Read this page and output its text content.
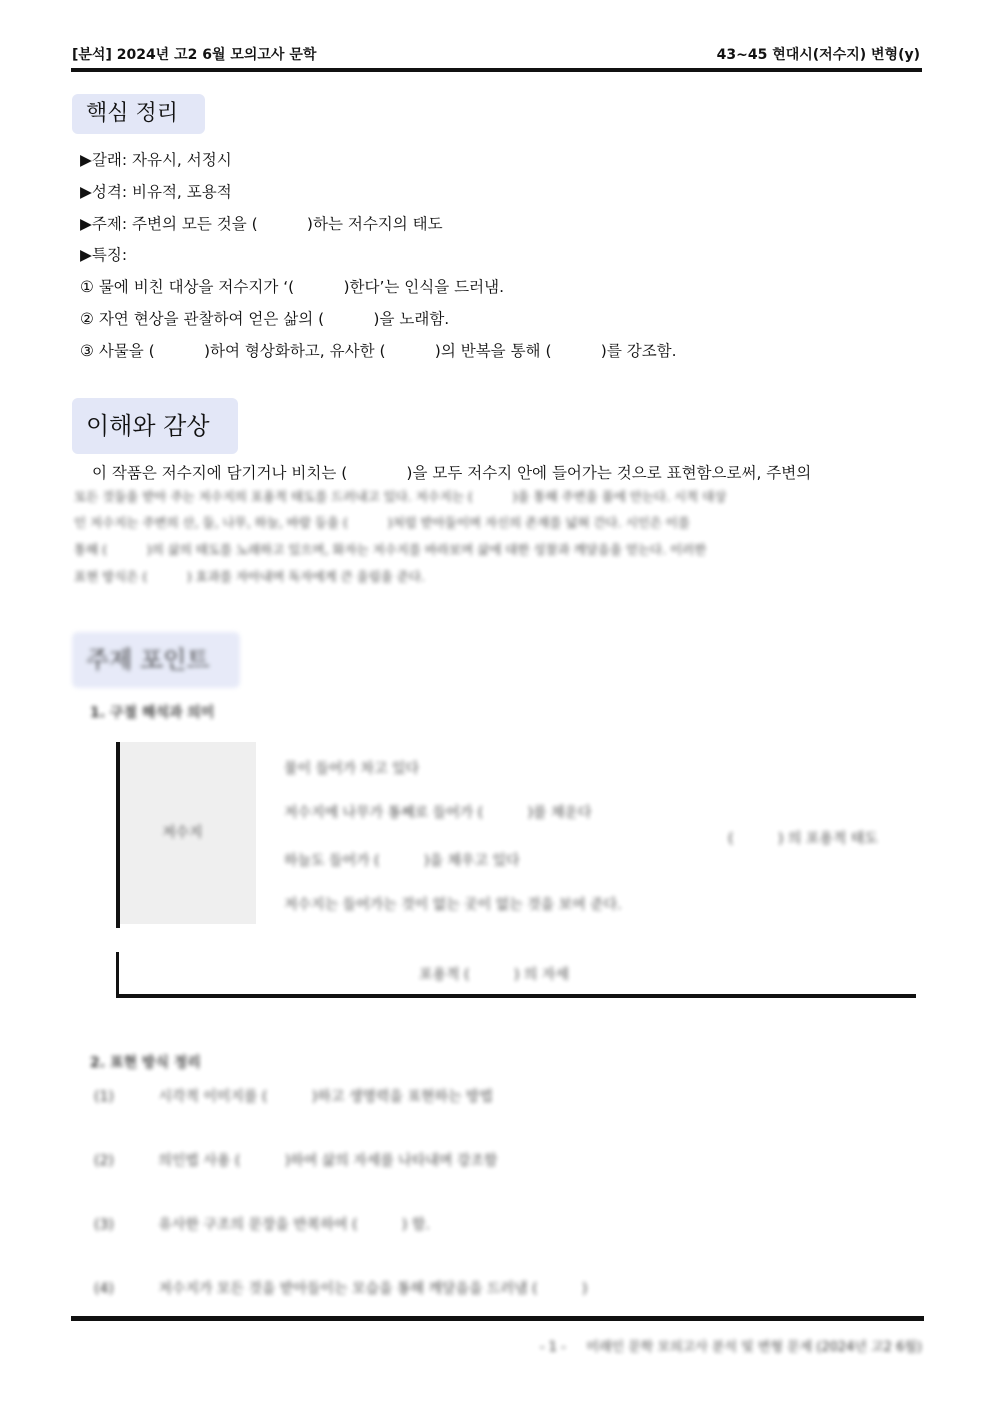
[분석] 2024년 고2 6월 모의고사 문학	43~45 현대시(저수지) 변형(y)
핵심 정리
▶갈래: 자유시, 서정시
▶성격: 비유적, 포용적
▶주제: 주변의 모든 것을 (          )하는 저수지의 태도
▶특징:
① 물에 비친 대상을 저수지가 ‘(          )한다’는 인식을 드러냄.
② 자연 현상을 관찰하여 얻은 삶의 (          )을 노래함.
③ 사물을 (          )하여 형상화하고, 유사한 (          )의 반복을 통해 (          )를 강조함.
이해와 감상
이 작품은 저수지에 담기거나 비치는 (            )을 모두 저수지 안에 들어가는 것으로 표현함으로써, 주변의
모든 것들을 받아 주는 저수지의 포용적 태도를 드러내고 있다. 저수지는 (          )을 통해 주변을 품에 안는다. 시적 대상
인 저수지는 주변의 산, 들, 나무, 하늘, 바람 등을 (          )처럼 받아들이며 자신의 존재를 넓혀 간다. 시인은 이를
통해 (          )의 삶의 태도를 노래하고 있으며, 화자는 저수지를 바라보며 삶에 대한 성찰과 깨달음을 얻는다. 이러한
표현 방식은 (          ) 효과를 자아내며 독자에게 큰 울림을 준다.
주제 포인트
1. 구절 해석과 의미
저수지
물이 들어가 차고 있다
저수지에 나무가 통째로 들어가 (          )를 채운다
하늘도 들어가 (          )을 채우고 있다
저수지는 들어가는 것이 없는 곳이 없는 것을 보여 준다.
(          ) 의 포용적 태도
포용적 (          ) 의 자세
2. 표현 방식 정리
(1)          시각적 이미지를 (          )하고 생명력을 표현하는 방법
(2)          의인법 사용 (          )하여 삶의 자세를 나타내며 강조함
(3)          유사한 구조의 문장을 반복하여 (          ) 함.
(4)          저수지가 모든 것을 받아들이는 모습을 통해 깨달음을 드러냄 (          )
- 1 -     미래인 문학 모의고사 분석 및 변형 문제 (2024년 고2 6월)
